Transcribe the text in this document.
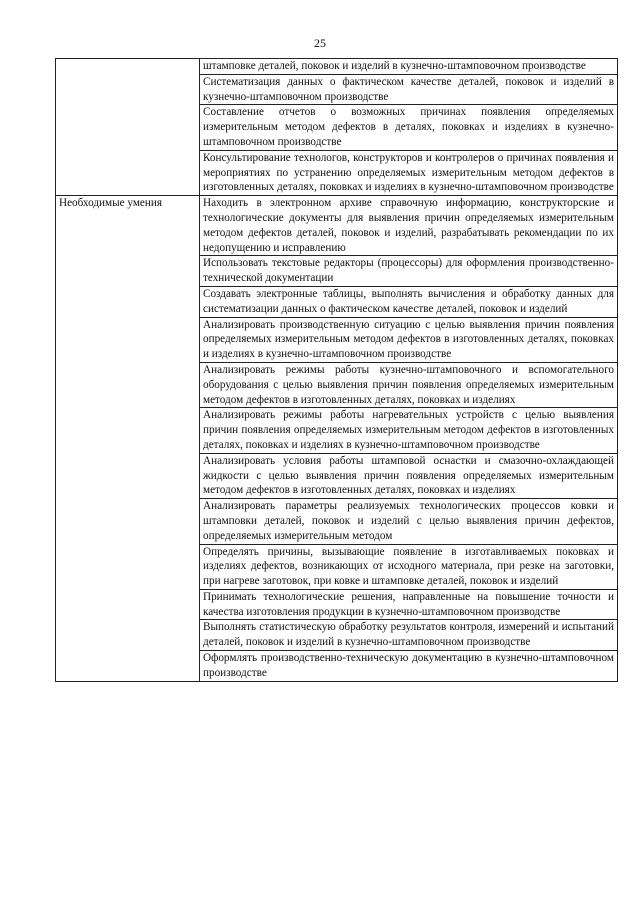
25
	штамповке деталей, поковок и изделий в кузнечно-штамповочном производстве
	Систематизация данных о фактическом качестве деталей, поковок и изделий в кузнечно-штамповочном производстве
	Составление отчетов о возможных причинах появления определяемых измерительным методом дефектов в деталях, поковках и изделиях в кузнечно-штамповочном производстве
	Консультирование технологов, конструкторов и контролеров о причинах появления и мероприятиях по устранению определяемых измерительным методом дефектов в изготовленных деталях, поковках и изделиях в кузнечно-штамповочном производстве
Необходимые умения	Находить в электронном архиве справочную информацию, конструкторские и технологические документы для выявления причин определяемых измерительным методом дефектов деталей, поковок и изделий, разрабатывать рекомендации по их недопущению и исправлению
	Использовать текстовые редакторы (процессоры) для оформления производственно-технической документации
	Создавать электронные таблицы, выполнять вычисления и обработку данных для систематизации данных о фактическом качестве деталей, поковок и изделий
	Анализировать производственную ситуацию с целью выявления причин появления определяемых измерительным методом дефектов в изготовленных деталях, поковках и изделиях в кузнечно-штамповочном производстве
	Анализировать режимы работы кузнечно-штамповочного и вспомогательного оборудования с целью выявления причин появления определяемых измерительным методом дефектов в изготовленных деталях, поковках и изделиях
	Анализировать режимы работы нагревательных устройств с целью выявления причин появления определяемых измерительным методом дефектов в изготовленных деталях, поковках и изделиях в кузнечно-штамповочном производстве
	Анализировать условия работы штамповой оснастки и смазочно-охлаждающей жидкости с целью выявления причин появления определяемых измерительным методом дефектов в изготовленных деталях, поковках и изделиях
	Анализировать параметры реализуемых технологических процессов ковки и штамповки деталей, поковок и изделий с целью выявления причин дефектов, определяемых измерительным методом
	Определять причины, вызывающие появление в изготавливаемых поковках и изделиях дефектов, возникающих от исходного материала, при резке на заготовки, при нагреве заготовок, при ковке и штамповке деталей, поковок и изделий
	Принимать технологические решения, направленные на повышение точности и качества изготовления продукции в кузнечно-штамповочном производстве
	Выполнять статистическую обработку результатов контроля, измерений и испытаний деталей, поковок и изделий в кузнечно-штамповочном производстве
	Оформлять производственно-техническую документацию в кузнечно-штамповочном производстве
